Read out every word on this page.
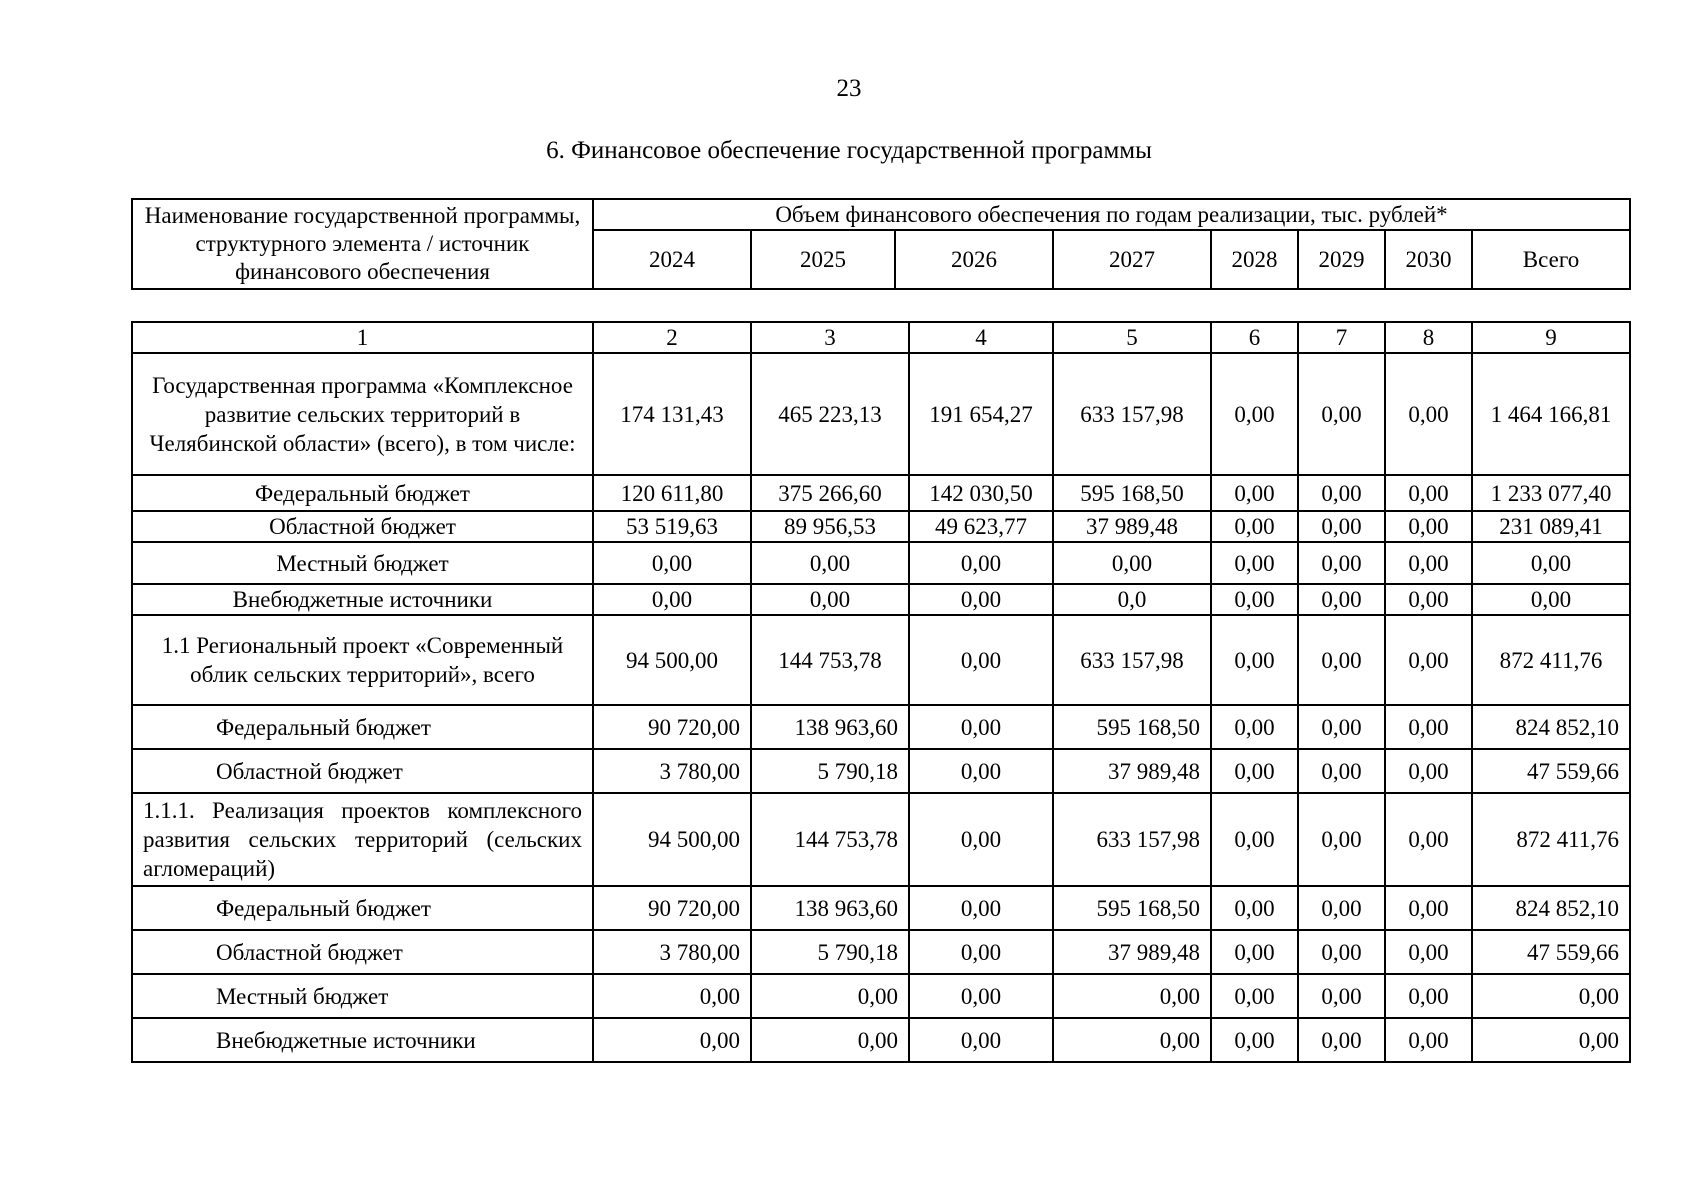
23
6. Финансовое обеспечение государственной программы
Наименование государственной программы, структурного элемента / источник финансового обеспечения	Объем финансового обеспечения по годам реализации, тыс. рублей*							
	2024	2025	2026	2027	2028	2029	2030	Всего
1	2	3	4	5	6	7	8	9
Государственная программа «Комплексное развитие сельских территорий в Челябинской области» (всего), в том числе:	174 131,43	465 223,13	191 654,27	633 157,98	0,00	0,00	0,00	1 464 166,81
Федеральный бюджет	120 611,80	375 266,60	142 030,50	595 168,50	0,00	0,00	0,00	1 233 077,40
Областной бюджет	53 519,63	89 956,53	49 623,77	37 989,48	0,00	0,00	0,00	231 089,41
Местный бюджет	0,00	0,00	0,00	0,00	0,00	0,00	0,00	0,00
Внебюджетные источники	0,00	0,00	0,00	0,0	0,00	0,00	0,00	0,00
1.1 Региональный проект «Современный облик сельских территорий», всего	94 500,00	144 753,78	0,00	633 157,98	0,00	0,00	0,00	872 411,76
Федеральный бюджет	90 720,00	138 963,60	0,00	595 168,50	0,00	0,00	0,00	824 852,10
Областной бюджет	3 780,00	5 790,18	0,00	37 989,48	0,00	0,00	0,00	47 559,66
1.1.1. Реализация проектов комплексного развития сельских территорий (сельских агломераций)	94 500,00	144 753,78	0,00	633 157,98	0,00	0,00	0,00	872 411,76
Федеральный бюджет	90 720,00	138 963,60	0,00	595 168,50	0,00	0,00	0,00	824 852,10
Областной бюджет	3 780,00	5 790,18	0,00	37 989,48	0,00	0,00	0,00	47 559,66
Местный бюджет	0,00	0,00	0,00	0,00	0,00	0,00	0,00	0,00
Внебюджетные источники	0,00	0,00	0,00	0,00	0,00	0,00	0,00	0,00
